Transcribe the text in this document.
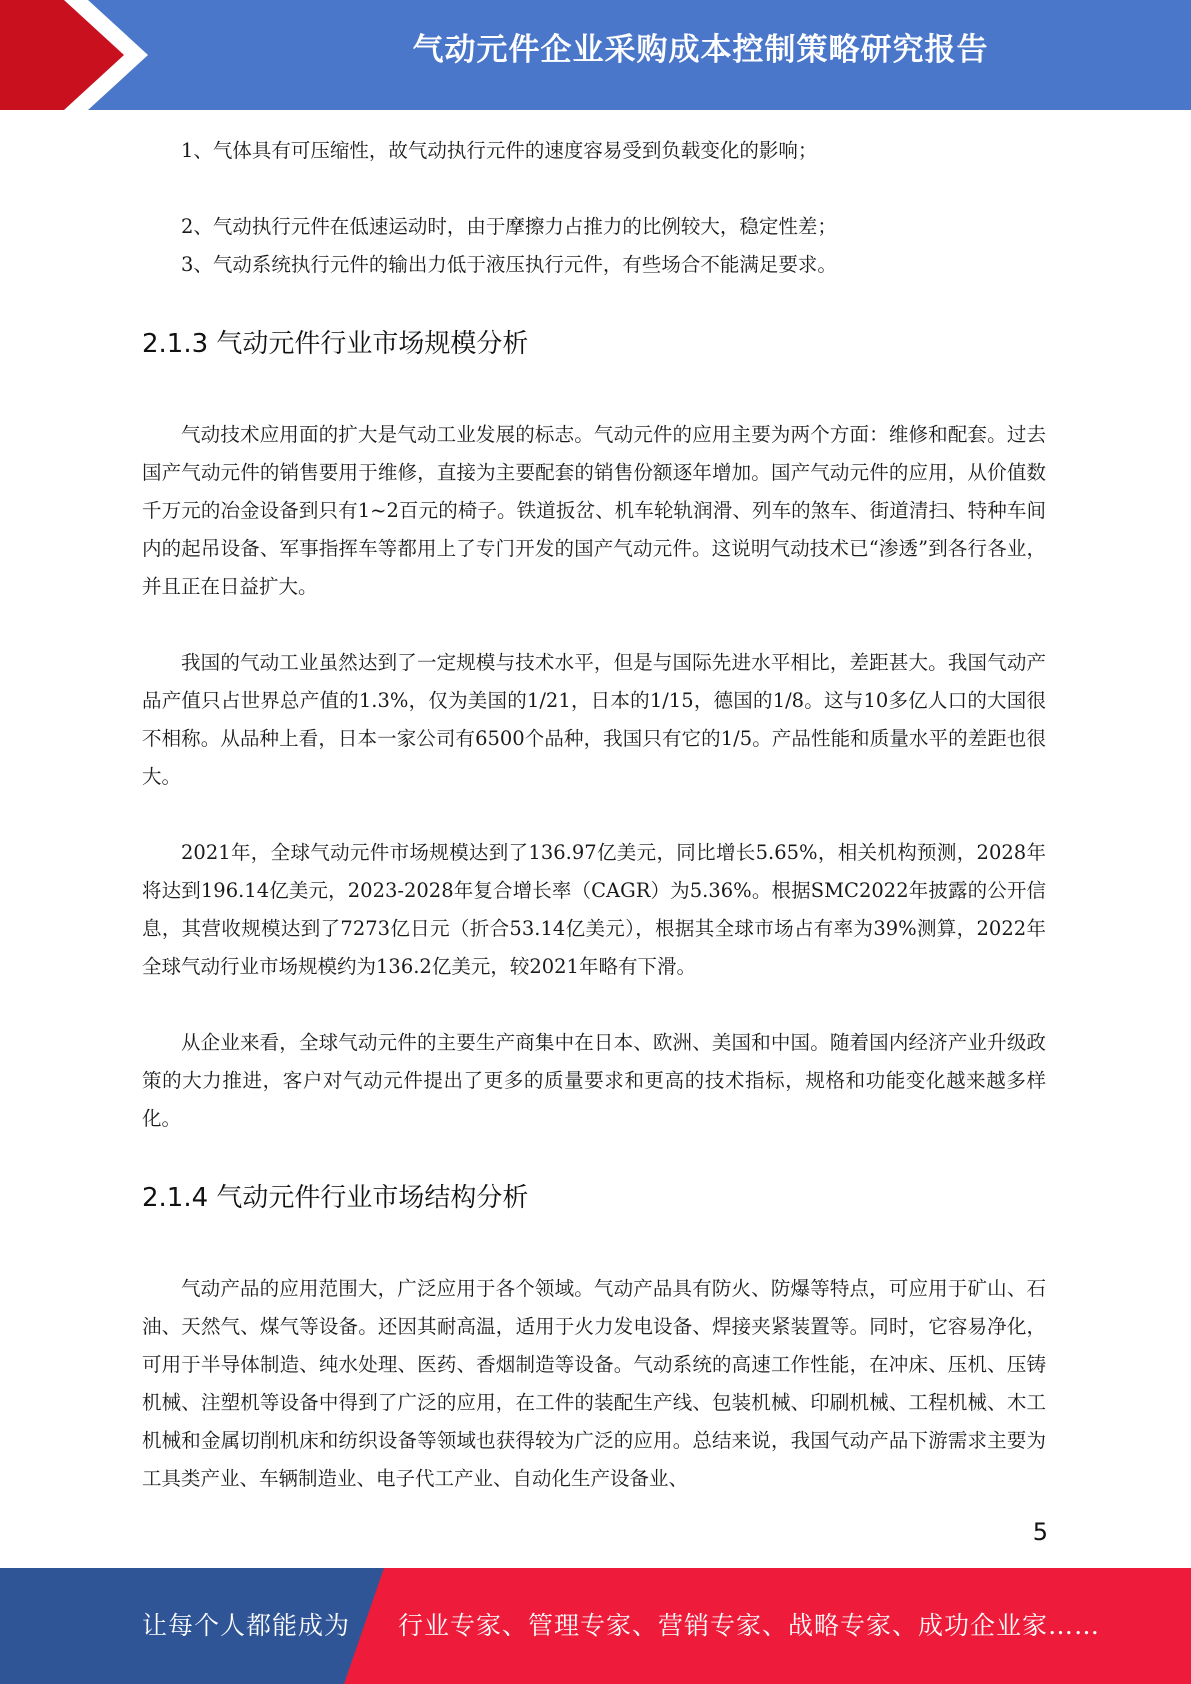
气动元件企业采购成本控制策略研究报告

1、气体具有可压缩性，故气动执行元件的速度容易受到负载变化的影响；

2、气动执行元件在低速运动时，由于摩擦力占推力的比例较大，稳定性差；

3、气动系统执行元件的输出力低于液压执行元件，有些场合不能满足要求。

2.1.3 气动元件行业市场规模分析

气动技术应用面的扩大是气动工业发展的标志。气动元件的应用主要为两个方面：维修和配套。过去国产气动元件的销售要用于维修，直接为主要配套的销售份额逐年增加。国产气动元件的应用，从价值数千万元的冶金设备到只有1~2百元的椅子。铁道扳岔、机车轮轨润滑、列车的煞车、街道清扫、特种车间内的起吊设备、军事指挥车等都用上了专门开发的国产气动元件。这说明气动技术已“渗透”到各行各业，并且正在日益扩大。

我国的气动工业虽然达到了一定规模与技术水平，但是与国际先进水平相比，差距甚大。我国气动产品产值只占世界总产值的1.3%，仅为美国的1/21，日本的1/15，德国的1/8。这与10多亿人口的大国很不相称。从品种上看，日本一家公司有6500个品种，我国只有它的1/5。产品性能和质量水平的差距也很大。

2021年，全球气动元件市场规模达到了136.97亿美元，同比增长5.65%，相关机构预测，2028年将达到196.14亿美元，2023-2028年复合增长率（CAGR）为5.36%。根据SMC2022年披露的公开信息，其营收规模达到了7273亿日元（折合53.14亿美元），根据其全球市场占有率为39%测算，2022年全球气动行业市场规模约为136.2亿美元，较2021年略有下滑。

从企业来看，全球气动元件的主要生产商集中在日本、欧洲、美国和中国。随着国内经济产业升级政策的大力推进，客户对气动元件提出了更多的质量要求和更高的技术指标，规格和功能变化越来越多样化。

2.1.4 气动元件行业市场结构分析

气动产品的应用范围大，广泛应用于各个领域。气动产品具有防火、防爆等特点，可应用于矿山、石油、天然气、煤气等设备。还因其耐高温，适用于火力发电设备、焊接夹紧装置等。同时，它容易净化，可用于半导体制造、纯水处理、医药、香烟制造等设备。气动系统的高速工作性能，在冲床、压机、压铸机械、注塑机等设备中得到了广泛的应用，在工件的装配生产线、包装机械、印刷机械、工程机械、木工机械和金属切削机床和纺织设备等领域也获得较为广泛的应用。总结来说，我国气动产品下游需求主要为工具类产业、车辆制造业、电子代工产业、自动化生产设备业、

5
让每个人都能成为 行业专家、管理专家、营销专家、战略专家、成功企业家……
